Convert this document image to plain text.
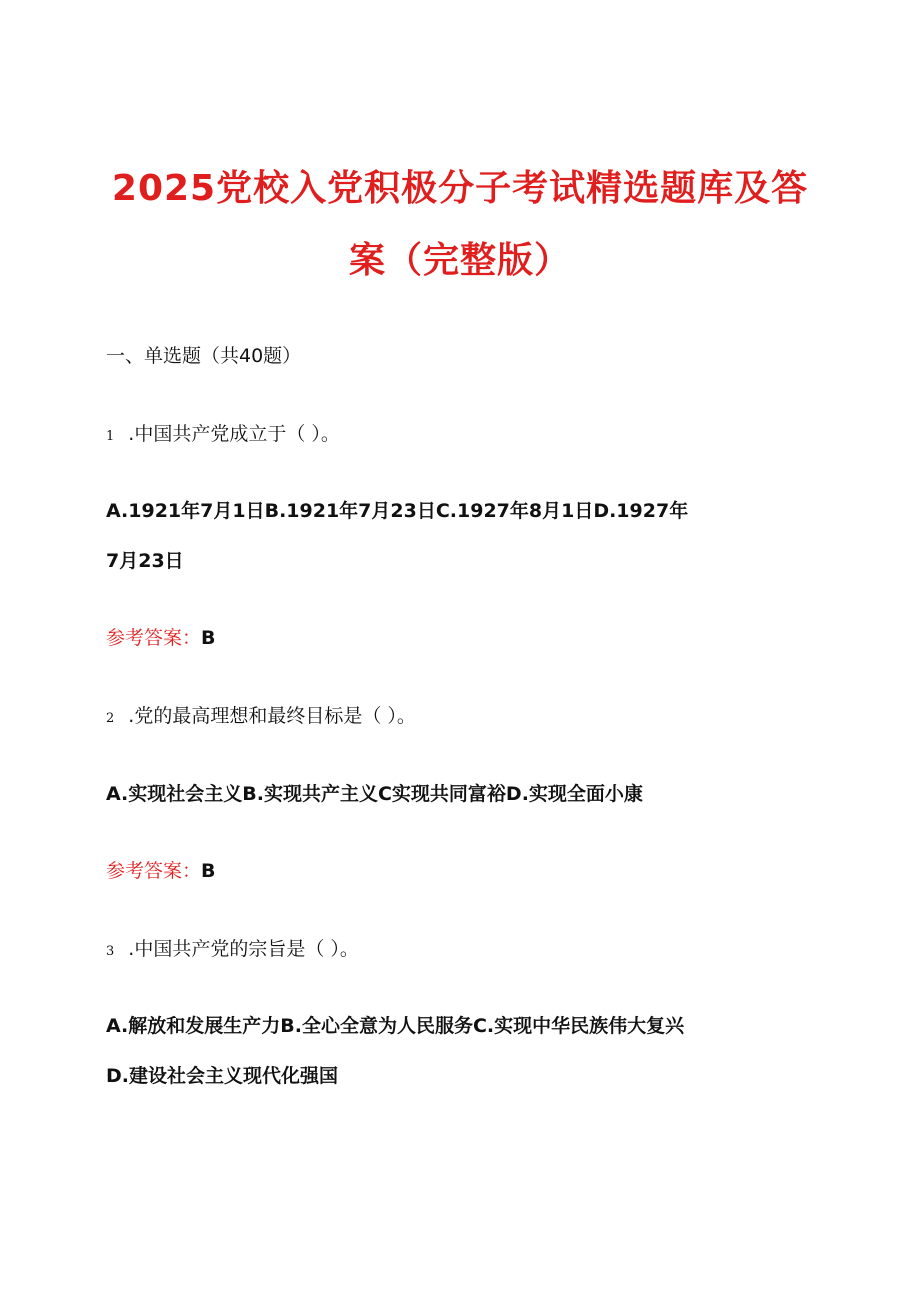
2025党校入党积极分子考试精选题库及答
案（完整版）
一、单选题（共40题）
1 .中国共产党成立于（ ）。
A.1921年7月1日B.1921年7月23日C.1927年8月1日D.1927年
7月23日
参考答案：B
2 .党的最高理想和最终目标是（ ）。
A.实现社会主义B.实现共产主义C实现共同富裕D.实现全面小康
参考答案：B
3 .中国共产党的宗旨是（ ）。
A.解放和发展生产力B.全心全意为人民服务C.实现中华民族伟大复兴
D.建设社会主义现代化强国
